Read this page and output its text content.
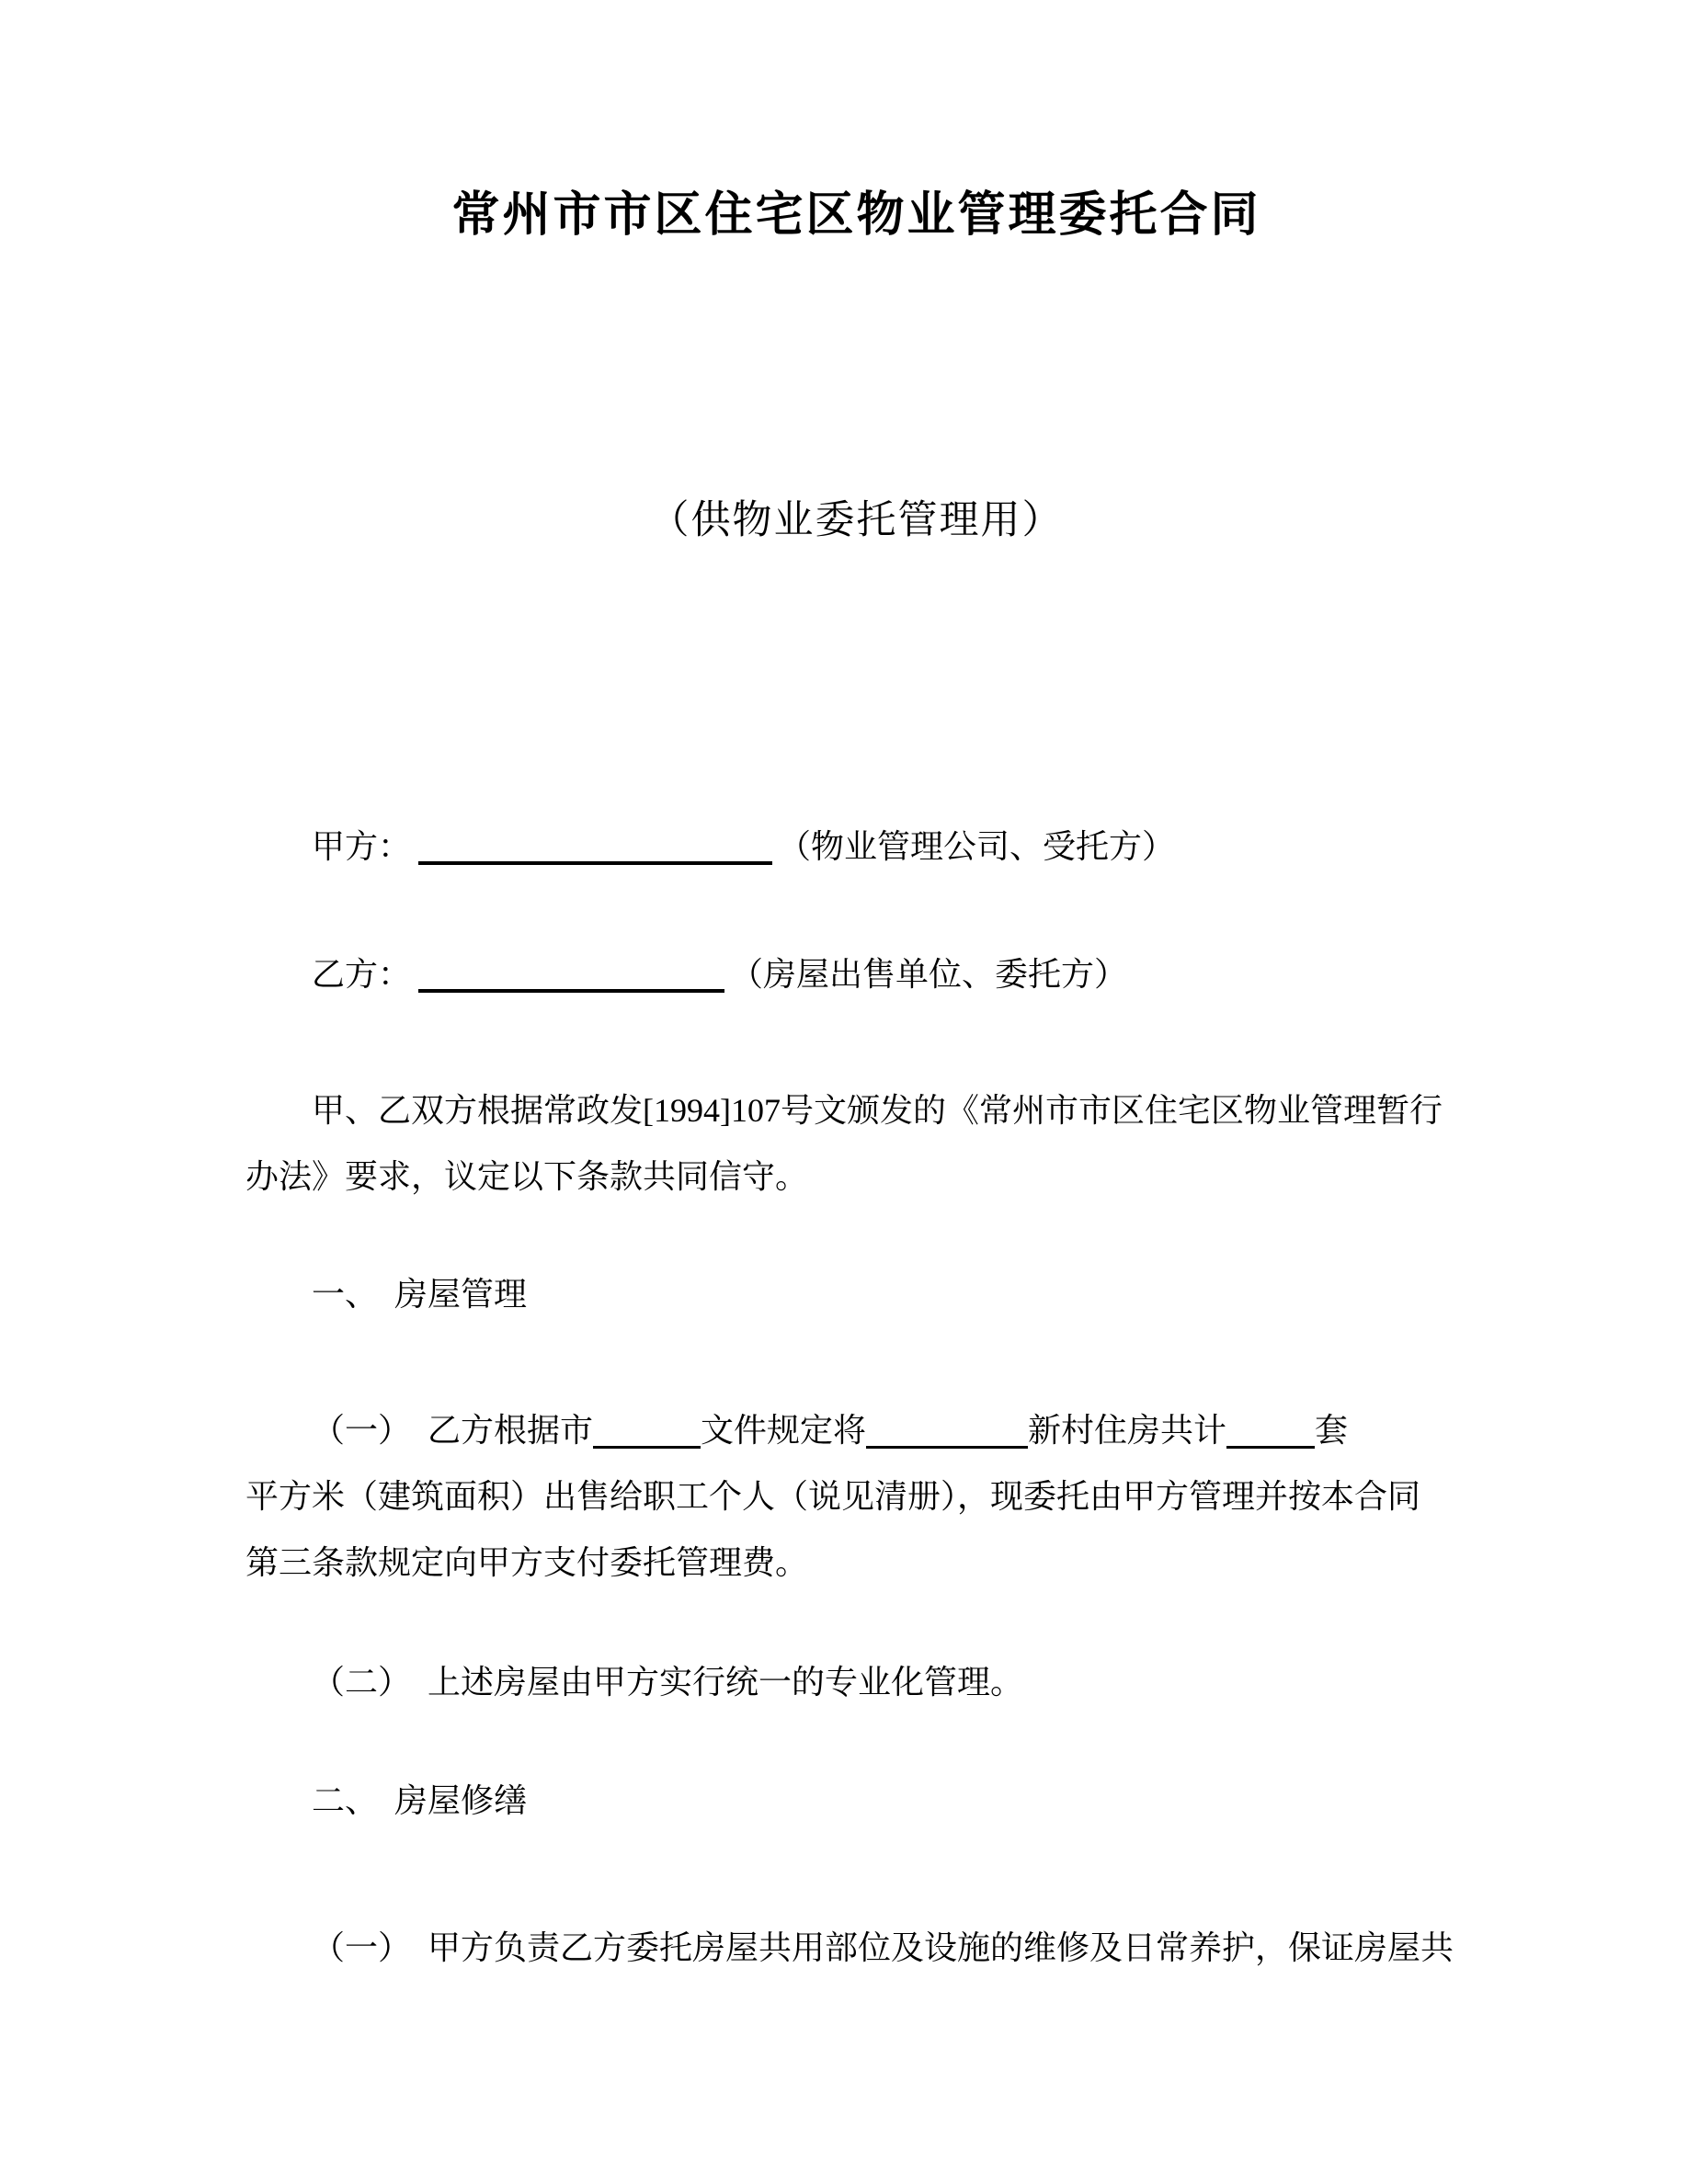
常州市市区住宅区物业管理委托合同
（供物业委托管理用）
甲方：	（物业管理公司、受托方）
乙方：	（房屋出售单位、委托方）
甲、乙双方根据常政发[1994]107号文颁发的《常州市市区住宅区物业管理暂行
办法》要求，议定以下条款共同信守。
一、　房屋管理
（一）　乙方根据市	文件规定将	新村住房共计	套
平方米（建筑面积）出售给职工个人（说见清册），现委托由甲方管理并按本合同
第三条款规定向甲方支付委托管理费。
（二）　上述房屋由甲方实行统一的专业化管理。
二、　房屋修缮
（一）　甲方负责乙方委托房屋共用部位及设施的维修及日常养护，保证房屋共
